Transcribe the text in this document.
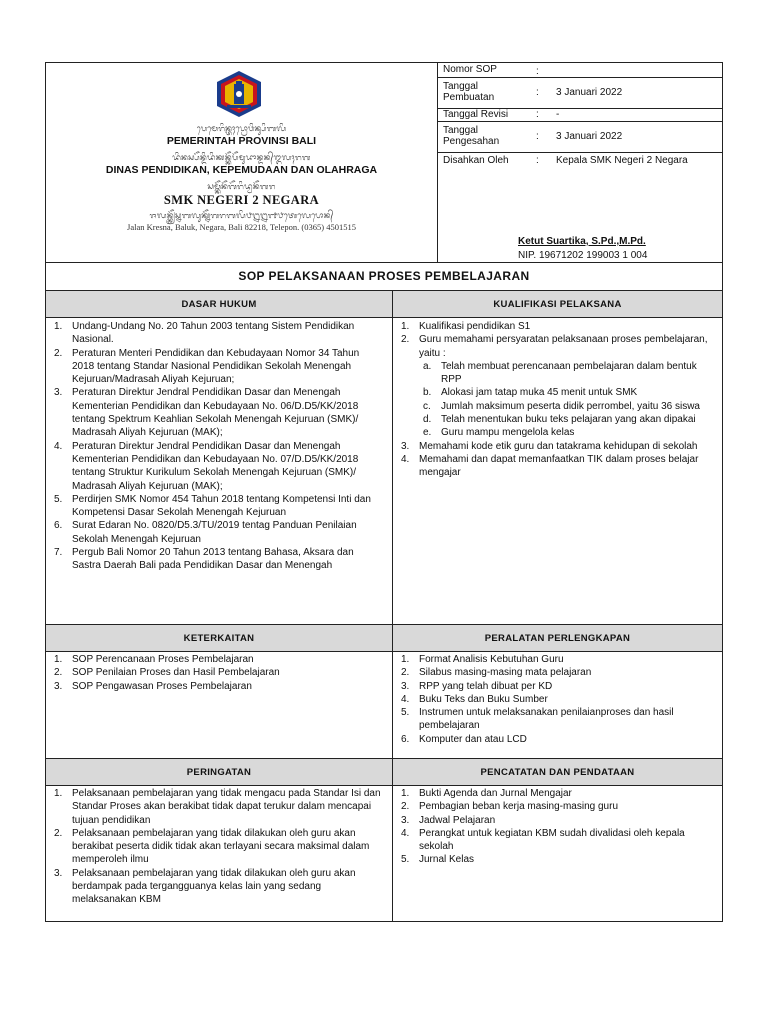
ᬧᬾᬫᬾᬭᬶᬦ᭄ᬢᬄᬧ᭄ᬭᭀᬯᬶᬦ᭄ᬲᬶᬩᬮᬶ
PEMERINTAH PROVINSI BALI
ᬤᬶᬦᬲ᭄ᬧᭂᬦ᭄ᬤᬶᬤᬶᬓᬦ᭄ᬓᭂᬧᭂᬫᬸᬤᬵᬦ᭄ᬤᬦ᭄ᬑᬮᬄᬭᬕ
DINAS PENDIDIKAN, KEPEMUDAAN DAN OLAHRAGA
ᬲᬫ᭄ᬓᭂᬦᭂᬕᭂᬭᬶᬤ᭄ᬯᬦᭂᬕᬭ
SMK NEGERI 2 NEGARA
ᬚᬮᬦ᭄ᬓ᭄ᬭᭂᬲ᭄ᬦᬩᬮᬸᬓ᭄ᬦᭂᬕᬭᬩᬮᬶ᭘᭒᭒᭑᭘ᬢᬾᬮᬾᬧᭀᬦ᭄
Jalan Kresna, Baluk, Negara, Bali 82218, Telepon. (0365) 4501515
Nomor SOP	:
Tanggal Pembuatan	: 3 Januari 2022
Tanggal Revisi	: -
Tanggal Pengesahan	: 3 Januari 2022
Disahkan Oleh	: Kepala SMK Negeri 2 Negara
Ketut Suartika, S.Pd.,M.Pd.
NIP. 19671202 199003 1 004
SOP PELAKSANAAN PROSES PEMBELAJARAN
DASAR HUKUM	KUALIFIKASI PELAKSANA
1. Undang-Undang No. 20 Tahun 2003 tentang Sistem Pendidikan Nasional.
2. Peraturan Menteri Pendidikan dan Kebudayaan Nomor 34 Tahun 2018 tentang Standar Nasional Pendidikan Sekolah Menengah Kejuruan/Madrasah Aliyah Kejuruan;
3. Peraturan Direktur Jendral Pendidikan Dasar dan Menengah Kementerian Pendidikan dan Kebudayaan No. 06/D.D5/KK/2018 tentang Spektrum Keahlian Sekolah Menengah Kejuruan (SMK)/ Madrasah Aliyah Kejuruan (MAK);
4. Peraturan Direktur Jendral Pendidikan Dasar dan Menengah Kementerian Pendidikan dan Kebudayaan No. 07/D.D5/KK/2018 tentang Struktur Kurikulum Sekolah Menengah Kejuruan (SMK)/ Madrasah Aliyah Kejuruan (MAK);
5. Perdirjen SMK Nomor 454 Tahun 2018 tentang Kompetensi Inti dan Kompetensi Dasar Sekolah Menengah Kejuruan
6. Surat Edaran No. 0820/D5.3/TU/2019 tentag Panduan Penilaian Sekolah Menengah Kejuruan
7. Pergub Bali Nomor 20 Tahun 2013 tentang Bahasa, Aksara dan Sastra Daerah Bali pada Pendidikan Dasar dan Menengah
1. Kualifikasi pendidikan S1
2. Guru memahami persyaratan pelaksanaan proses pembelajaran, yaitu :
a. Telah membuat perencanaan pembelajaran dalam bentuk RPP
b. Alokasi jam tatap muka 45 menit untuk SMK
c. Jumlah maksimum peserta didik perrombel, yaitu 36 siswa
d. Telah menentukan buku teks pelajaran yang akan dipakai
e. Guru mampu mengelola kelas
3. Memahami kode etik guru dan tatakrama kehidupan di sekolah
4. Memahami dan dapat memanfaatkan TIK dalam proses belajar mengajar
KETERKAITAN	PERALATAN PERLENGKAPAN
1. SOP Perencanaan Proses Pembelajaran
2. SOP Penilaian Proses dan Hasil Pembelajaran
3. SOP Pengawasan Proses Pembelajaran
1. Format Analisis Kebutuhan Guru
2. Silabus masing-masing mata pelajaran
3. RPP yang telah dibuat per KD
4. Buku Teks dan Buku Sumber
5. Instrumen untuk melaksanakan penilaianproses dan hasil pembelajaran
6. Komputer dan atau LCD
PERINGATAN	PENCATATAN DAN PENDATAAN
1. Pelaksanaan pembelajaran yang tidak mengacu pada Standar Isi dan Standar Proses akan berakibat tidak dapat terukur dalam mencapai tujuan pendidikan
2. Pelaksanaan pembelajaran yang tidak dilakukan oleh guru akan berakibat peserta didik tidak akan terlayani secara maksimal dalam memperoleh ilmu
3. Pelaksanaan pembelajaran yang tidak dilakukan oleh guru akan berdampak pada tergangguanya kelas lain yang sedang melaksanakan KBM
1. Bukti Agenda dan Jurnal Mengajar
2. Pembagian beban kerja masing-masing guru
3. Jadwal Pelajaran
4. Perangkat untuk kegiatan KBM sudah divalidasi oleh kepala sekolah
5. Jurnal Kelas
